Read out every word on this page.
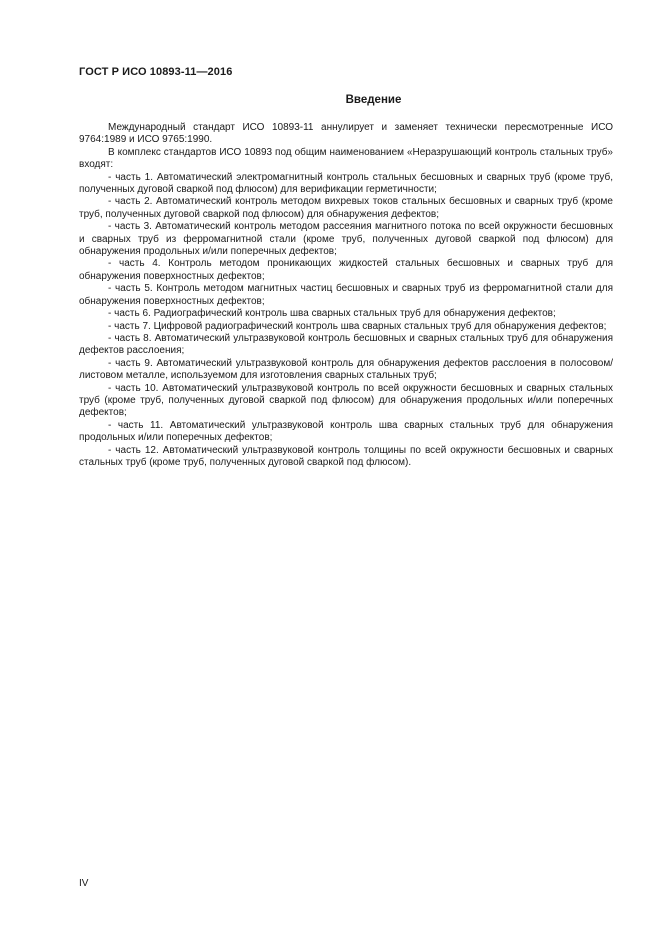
ГОСТ Р ИСО 10893-11—2016
Введение

Международный стандарт ИСО 10893-11 аннулирует и заменяет технически пересмотренные ИСО 9764:1989 и ИСО 9765:1990.

В комплекс стандартов ИСО 10893 под общим наименованием «Неразрушающий контроль стальных труб» входят:

- часть 1. Автоматический электромагнитный контроль стальных бесшовных и сварных труб (кроме труб, полученных дуговой сваркой под флюсом) для верификации герметичности;

- часть 2. Автоматический контроль методом вихревых токов стальных бесшовных и сварных труб (кроме труб, полученных дуговой сваркой под флюсом) для обнаружения дефектов;

- часть 3. Автоматический контроль методом рассеяния магнитного потока по всей окружности бесшовных и сварных труб из ферромагнитной стали (кроме труб, полученных дуговой сваркой под флюсом) для обнаружения продольных и/или поперечных дефектов;

- часть 4. Контроль методом проникающих жидкостей стальных бесшовных и сварных труб для обнаружения поверхностных дефектов;

- часть 5. Контроль методом магнитных частиц бесшовных и сварных труб из ферромагнитной стали для обнаружения поверхностных дефектов;

- часть 6. Радиографический контроль шва сварных стальных труб для обнаружения дефектов;

- часть 7. Цифровой радиографический контроль шва сварных стальных труб для обнаружения дефектов;

- часть 8. Автоматический ультразвуковой контроль бесшовных и сварных стальных труб для обнаружения дефектов расслоения;

- часть 9. Автоматический ультразвуковой контроль для обнаружения дефектов расслоения в полосовом/листовом металле, используемом для изготовления сварных стальных труб;

- часть 10. Автоматический ультразвуковой контроль по всей окружности бесшовных и сварных стальных труб (кроме труб, полученных дуговой сваркой под флюсом) для обнаружения продольных и/или поперечных дефектов;

- часть 11. Автоматический ультразвуковой контроль шва сварных стальных труб для обнаружения продольных и/или поперечных дефектов;

- часть 12. Автоматический ультразвуковой контроль толщины по всей окружности бесшовных и сварных стальных труб (кроме труб, полученных дуговой сваркой под флюсом).

IV
